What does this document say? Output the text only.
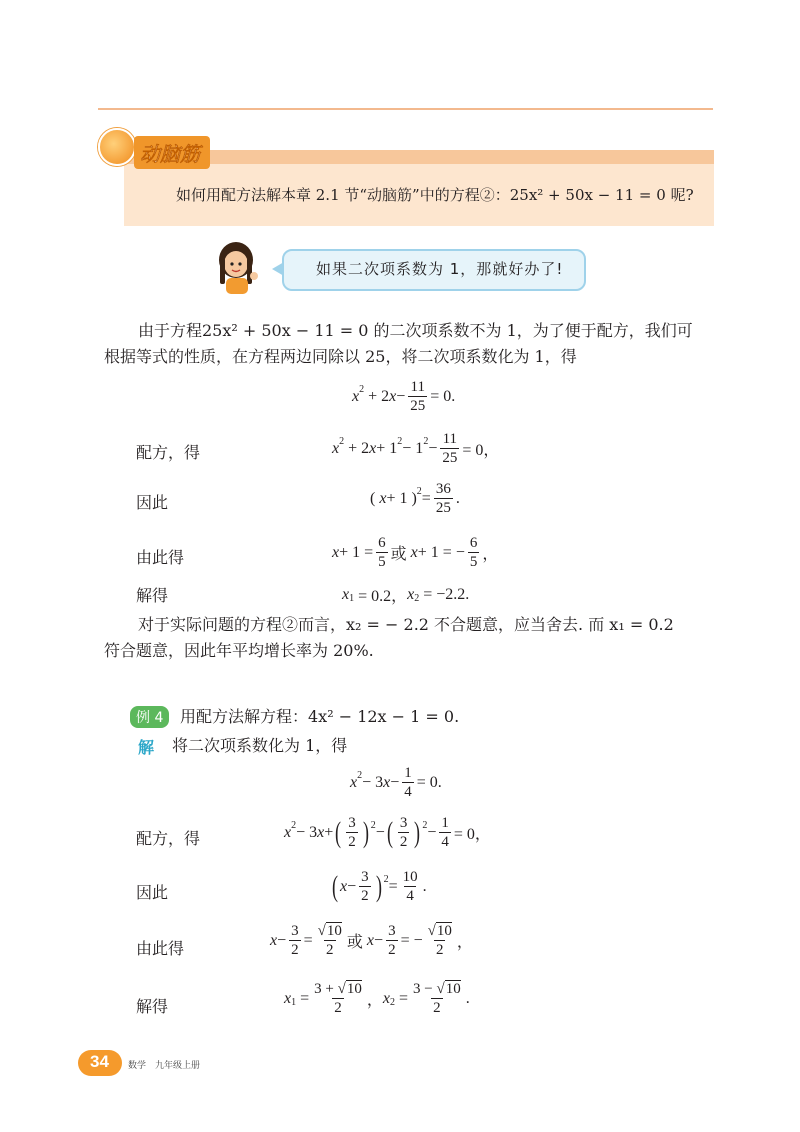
动脑筋
如何用配方法解本章 2.1 节“动脑筋”中的方程②：25x² + 50x − 11 = 0 呢?
如果二次项系数为 1，那就好办了!
由于方程25x² + 50x − 11 = 0 的二次项系数不为 1，为了便于配方，我们可
根据等式的性质，在方程两边同除以 25，将二次项系数化为 1，得
x 2 + 2 x −
11
25
= 0.
配方，得	x 2 + 2 x + 1 2 − 1 2 −
11
25 = 0，
因此	( x + 1 ) 2 =
36
25
.
由此得	x + 1 =
6
5 或
x + 1 = −
6
5 ，
解得	x 1 = 0.2， x 2 = −2.2.
对于实际问题的方程②而言，x₂ = − 2.2 不合题意，应当舍去. 而 x₁ = 0.2
符合题意，因此年平均增长率为 20%.
例 4	用配方法解方程：4x² − 12x − 1 = 0.
解 将二次项系数化为 1，得
x 2 − 3 x −
1
4
= 0.
配方，得	x 2 − 3 x + ( 3
2 ) 2 − ( 3
2 ) 2 −
1
4 = 0，
因此	( x −
3
2 ) 2 =
10
4
.
由此得	x −
3
2
=
√10
2 或
x −
3
2
= −
√10
2 ，
解得	x 1 =
3 + √10
2 ， x 2 =
3 − √10
2
.
34 数学　九年级上册
